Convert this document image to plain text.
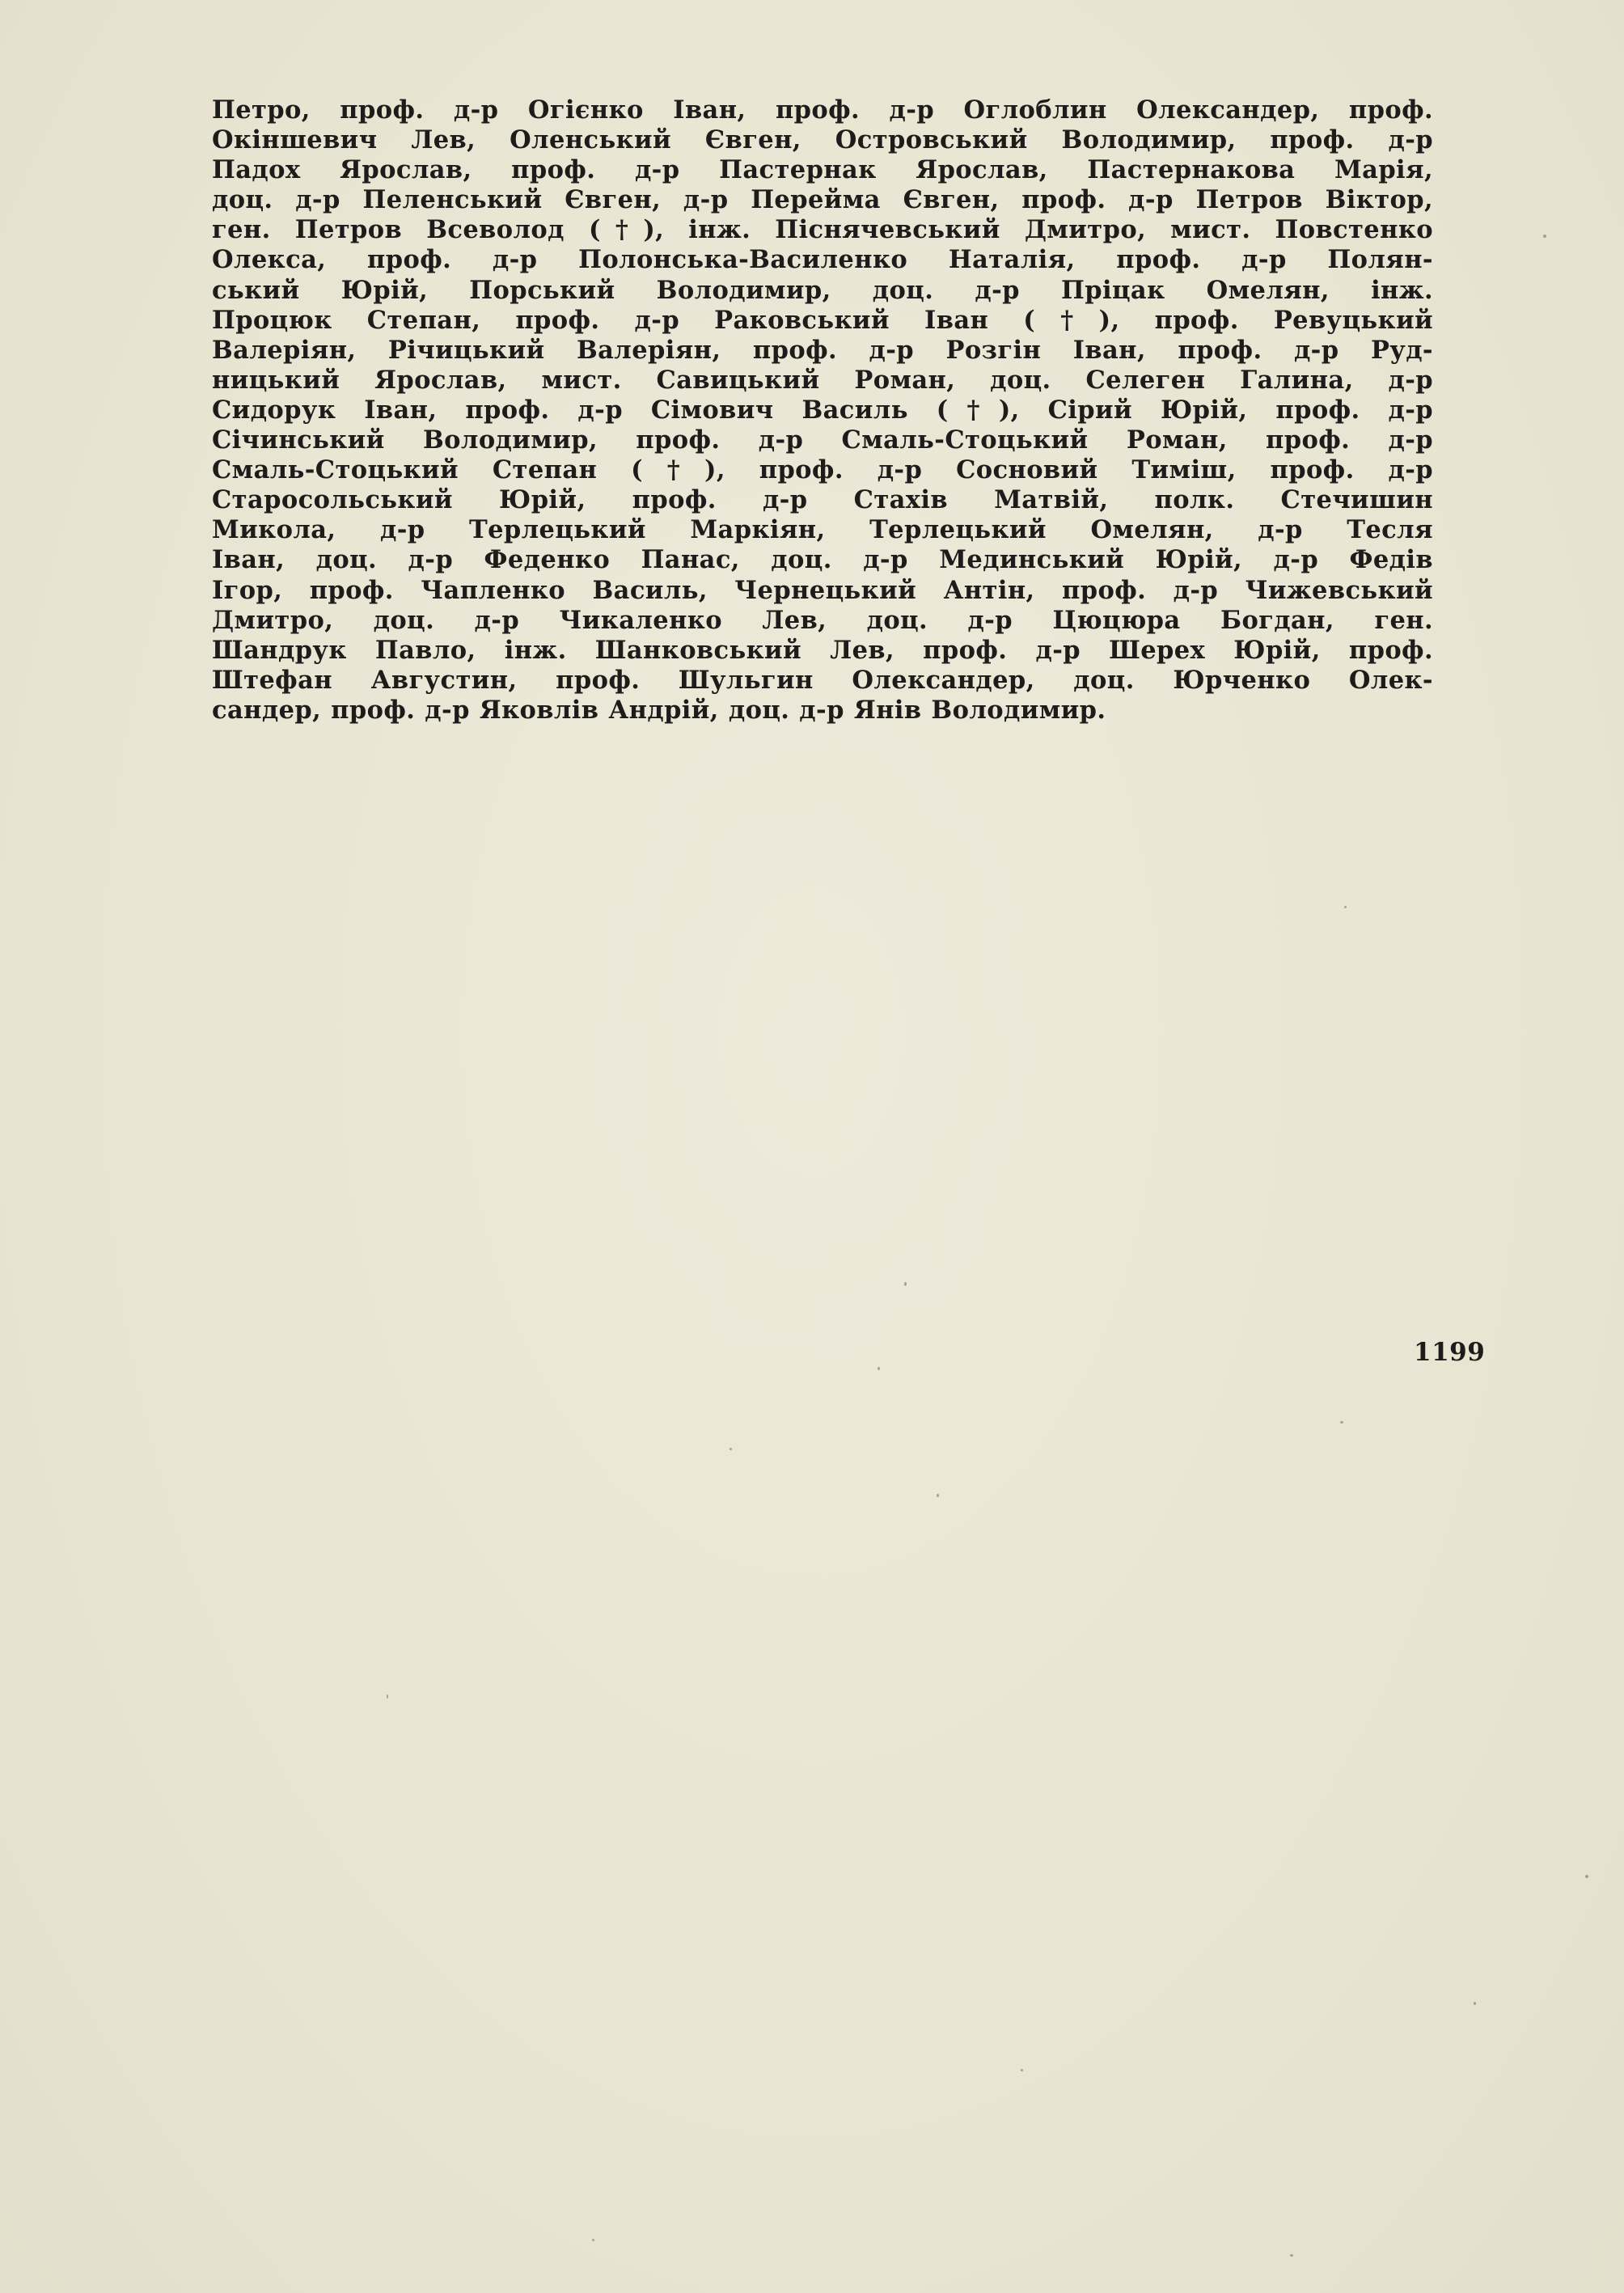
Петро, проф. д-р Огієнко Іван, проф. д-р Оглоблин Олександер, проф.
Окіншевич Лев, Оленський Євген, Островський Володимир, проф. д-р
Падох Ярослав, проф. д-р Пастернак Ярослав, Пастернакова Марія,
доц. д-р Пеленський Євген, д-р Перейма Євген, проф. д-р Петров Віктор,
ген. Петров Всеволод (†), інж. Піснячевський Дмитро, мист. Повстенко
Олекса, проф. д-р Полонська-Василенко Наталія, проф. д-р Полян-
ський Юрій, Порський Володимир, доц. д-р Пріцак Омелян, інж.
Процюк Степан, проф. д-р Раковський Іван (†), проф. Ревуцький
Валеріян, Річицький Валеріян, проф. д-р Розгін Іван, проф. д-р Руд-
ницький Ярослав, мист. Савицький Роман, доц. Селеген Галина, д-р
Сидорук Іван, проф. д-р Сімович Василь (†), Сірий Юрій, проф. д-р
Січинський Володимир, проф. д-р Смаль-Стоцький Роман, проф. д-р
Смаль-Стоцький Степан (†), проф. д-р Сосновий Тиміш, проф. д-р
Старосольський Юрій, проф. д-р Стахів Матвій, полк. Стечишин
Микола, д-р Терлецький Маркіян, Терлецький Омелян, д-р Тесля
Іван, доц. д-р Феденко Панас, доц. д-р Мединський Юрій, д-р Федів
Ігор, проф. Чапленко Василь, Чернецький Антін, проф. д-р Чижевський
Дмитро, доц. д-р Чикаленко Лев, доц. д-р Цюцюра Богдан, ген.
Шандрук Павло, інж. Шанковський Лев, проф. д-р Шерех Юрій, проф.
Штефан Августин, проф. Шульгин Олександер, доц. Юрченко Олек-
сандер, проф. д-р Яковлів Андрій, доц. д-р Янів Володимир.
1199
